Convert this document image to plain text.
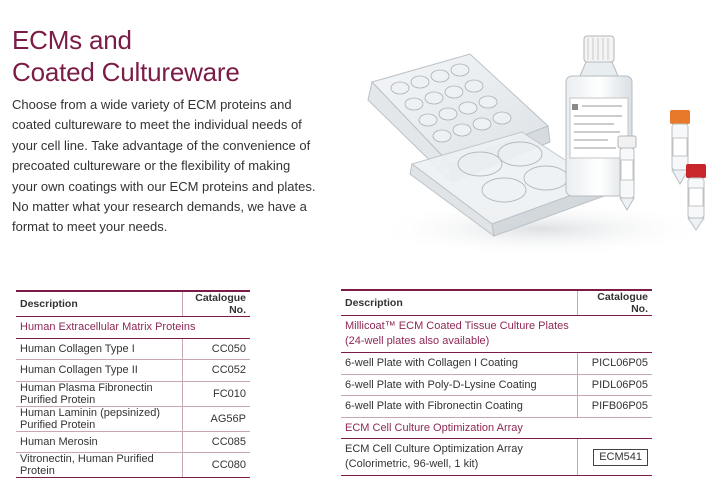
ECMs and
Coated Cultureware
Choose from a wide variety of ECM proteins and coated cultureware to meet the individual needs of your cell line. Take advantage of the convenience of precoated cultureware or the flexibility of making your own coatings with our ECM proteins and plates. No matter what your research demands, we have a format to meet your needs.
Description	Catalogue No.
Human Extracellular Matrix Proteins	
Human Collagen Type I	CC050
Human Collagen Type II	CC052
Human Plasma Fibronectin Purified Protein	FC010
Human Laminin (pepsinized) Purified Protein	AG56P
Human Merosin	CC085
Vitronectin, Human Purified Protein	CC080
Description	Catalogue No.

Millicoat™ ECM Coated Tissue Culture Plates
(24-well plates also available)	

6-well Plate with Collagen I Coating	PICL06P05
6-well Plate with Poly-D-Lysine Coating	PIDL06P05
6-well Plate with Fibronectin Coating	PIFB06P05
ECM Cell Culture Optimization Array	

ECM Cell Culture Optimization Array
(Colorimetric, 96-well, 1 kit)	ECM541
